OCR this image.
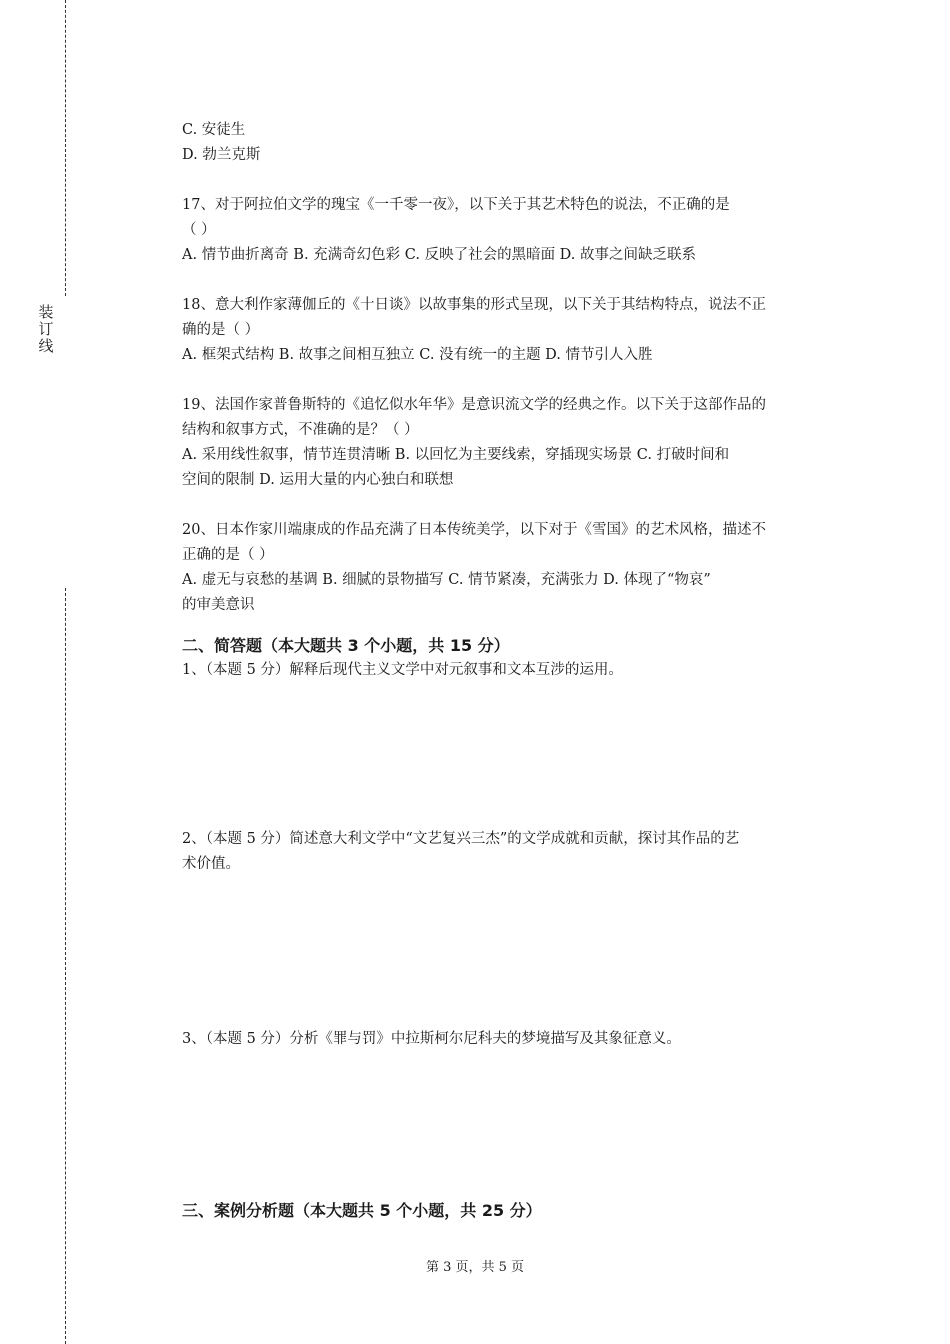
装
订
线
C. 安徒生
D. 勃兰克斯
17、对于阿拉伯文学的瑰宝《一千零一夜》，以下关于其艺术特色的说法，不正确的是
（ ）
A. 情节曲折离奇 B. 充满奇幻色彩 C. 反映了社会的黑暗面 D. 故事之间缺乏联系
18、意大利作家薄伽丘的《十日谈》以故事集的形式呈现，以下关于其结构特点，说法不正
确的是（ ）
A. 框架式结构 B. 故事之间相互独立 C. 没有统一的主题 D. 情节引人入胜
19、法国作家普鲁斯特的《追忆似水年华》是意识流文学的经典之作。以下关于这部作品的
结构和叙事方式，不准确的是？（ ）
A. 采用线性叙事，情节连贯清晰 B. 以回忆为主要线索，穿插现实场景 C. 打破时间和
空间的限制 D. 运用大量的内心独白和联想
20、日本作家川端康成的作品充满了日本传统美学，以下对于《雪国》的艺术风格，描述不
正确的是（ ）
A. 虚无与哀愁的基调 B. 细腻的景物描写 C. 情节紧凑，充满张力 D. 体现了“物哀”
的审美意识
二、简答题（本大题共 3 个小题，共 15 分）
1、（本题 5 分）解释后现代主义文学中对元叙事和文本互涉的运用。
2、（本题 5 分）简述意大利文学中“文艺复兴三杰”的文学成就和贡献，探讨其作品的艺
术价值。
3、（本题 5 分）分析《罪与罚》中拉斯柯尔尼科夫的梦境描写及其象征意义。
三、案例分析题（本大题共 5 个小题，共 25 分）
第 3 页，共 5 页
